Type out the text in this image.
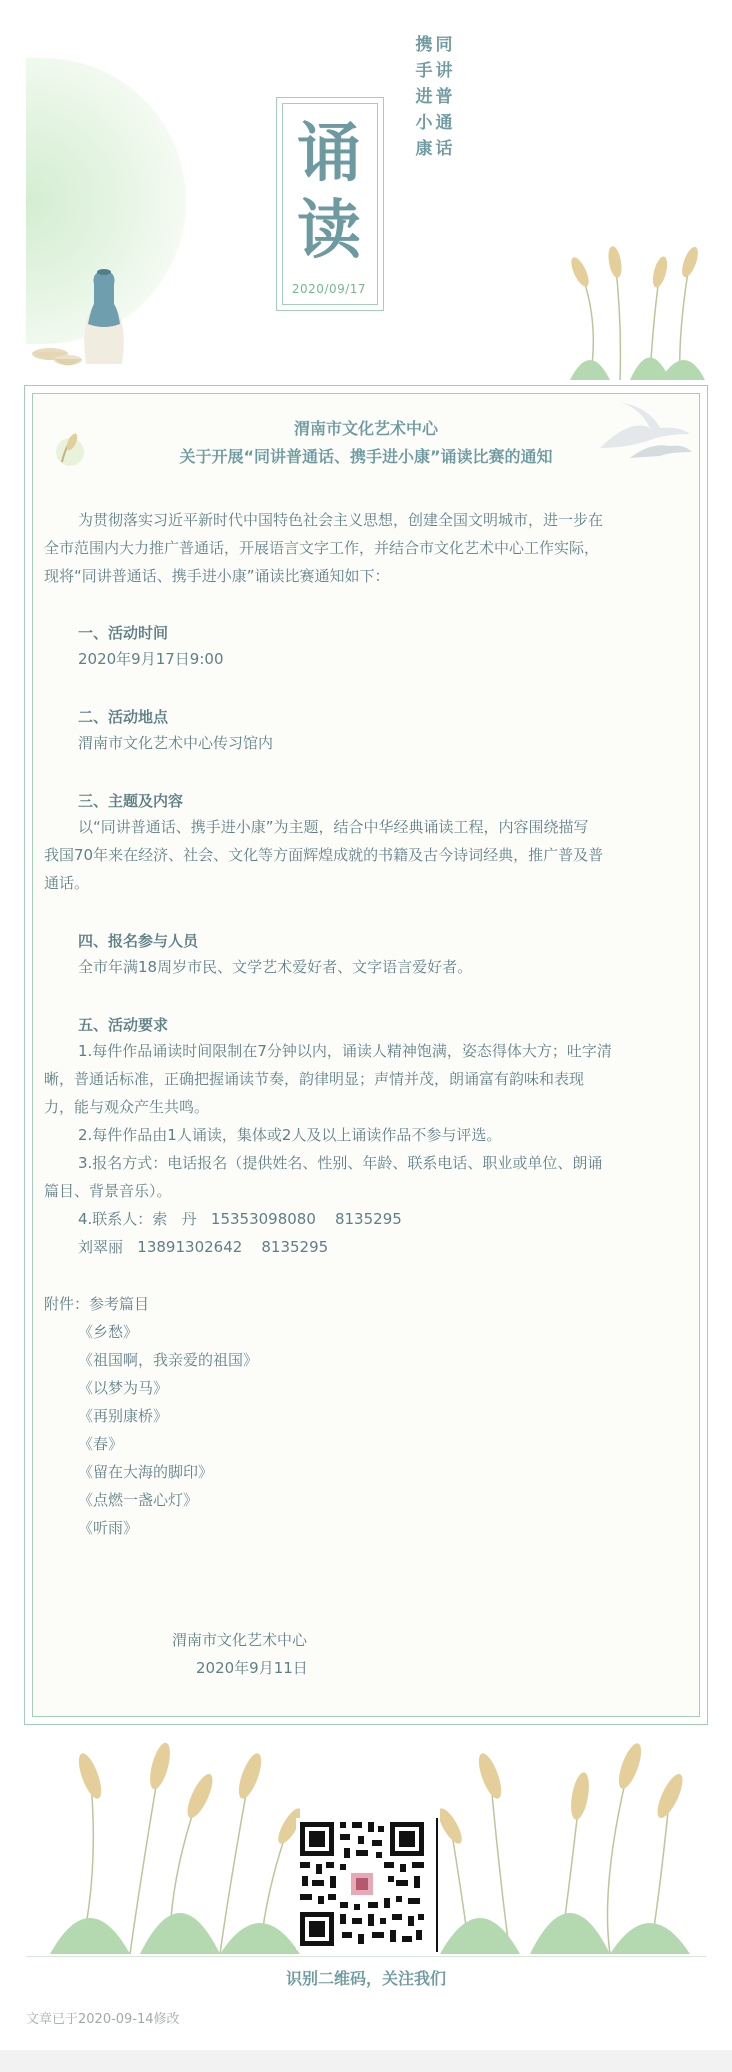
诵
读
2020/09/17
携
手
进
小
康
同
讲
普
通
话
渭南市文化艺术中心
关于开展“同讲普通话、携手进小康”诵读比赛的通知
为贯彻落实习近平新时代中国特色社会主义思想，创建全国文明城市，进一步在
全市范围内大力推广普通话，开展语言文字工作，并结合市文化艺术中心工作实际，
现将“同讲普通话、携手进小康”诵读比赛通知如下：
一、活动时间
2020年9月17日9:00
二、活动地点
渭南市文化艺术中心传习馆内
三、主题及内容
以“同讲普通话、携手进小康”为主题，结合中华经典诵读工程，内容围绕描写
我国70年来在经济、社会、文化等方面辉煌成就的书籍及古今诗词经典，推广普及普
通话。
四、报名参与人员
全市年满18周岁市民、文学艺术爱好者、文字语言爱好者。
五、活动要求
1.每件作品诵读时间限制在7分钟以内，诵读人精神饱满，姿态得体大方；吐字清
晰，普通话标准，正确把握诵读节奏，韵律明显；声情并茂，朗诵富有韵味和表现
力，能与观众产生共鸣。
2.每件作品由1人诵读，集体或2人及以上诵读作品不参与评选。
3.报名方式：电话报名（提供姓名、性别、年龄、联系电话、职业或单位、朗诵
篇目、背景音乐）。
4.联系人：索   丹   15353098080    8135295
刘翠丽   13891302642    8135295
附件：参考篇目
《乡愁》
《祖国啊，我亲爱的祖国》
《以梦为马》
《再别康桥》
《春》
《留在大海的脚印》
《点燃一盏心灯》
《听雨》
渭南市文化艺术中心
2020年9月11日
识别二维码，关注我们
文章已于2020-09-14修改
